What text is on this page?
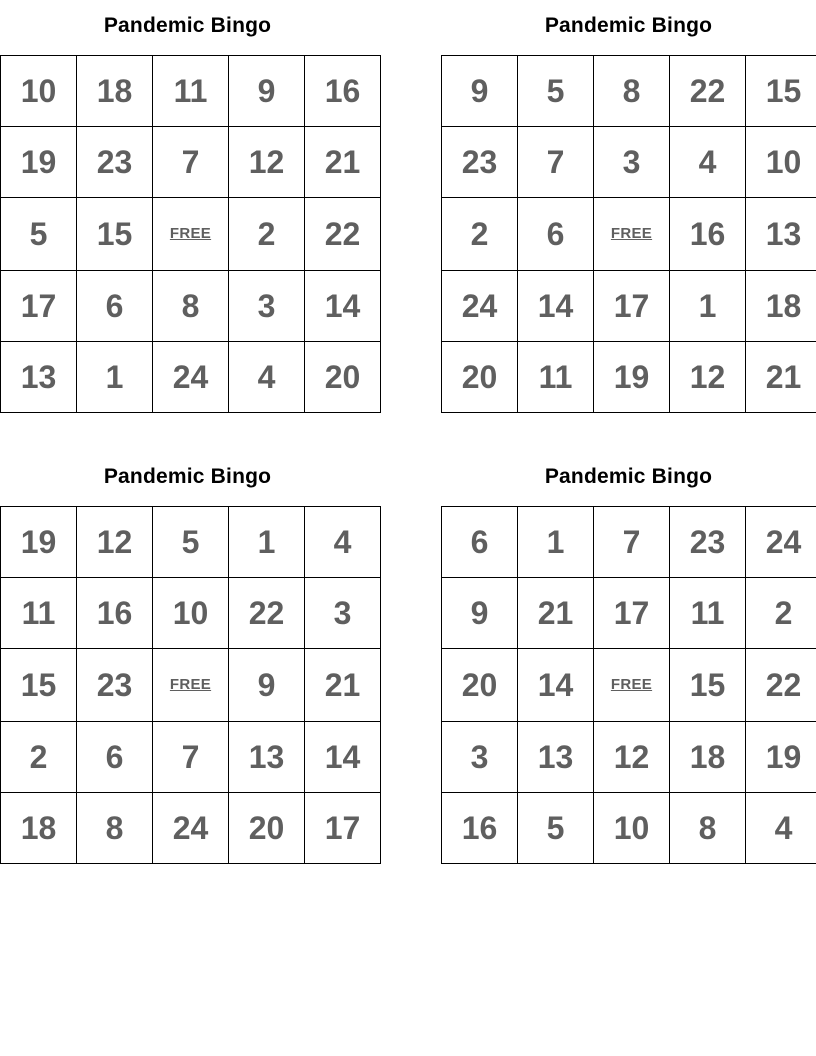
Pandemic Bingo
10	18	11	9	16
19	23	7	12	21
5	15	FREE	2	22
17	6	8	3	14
13	1	24	4	20
Pandemic Bingo
9	5	8	22	15
23	7	3	4	10
2	6	FREE	16	13
24	14	17	1	18
20	11	19	12	21
Pandemic Bingo
19	12	5	1	4
11	16	10	22	3
15	23	FREE	9	21
2	6	7	13	14
18	8	24	20	17
Pandemic Bingo
6	1	7	23	24
9	21	17	11	2
20	14	FREE	15	22
3	13	12	18	19
16	5	10	8	4
